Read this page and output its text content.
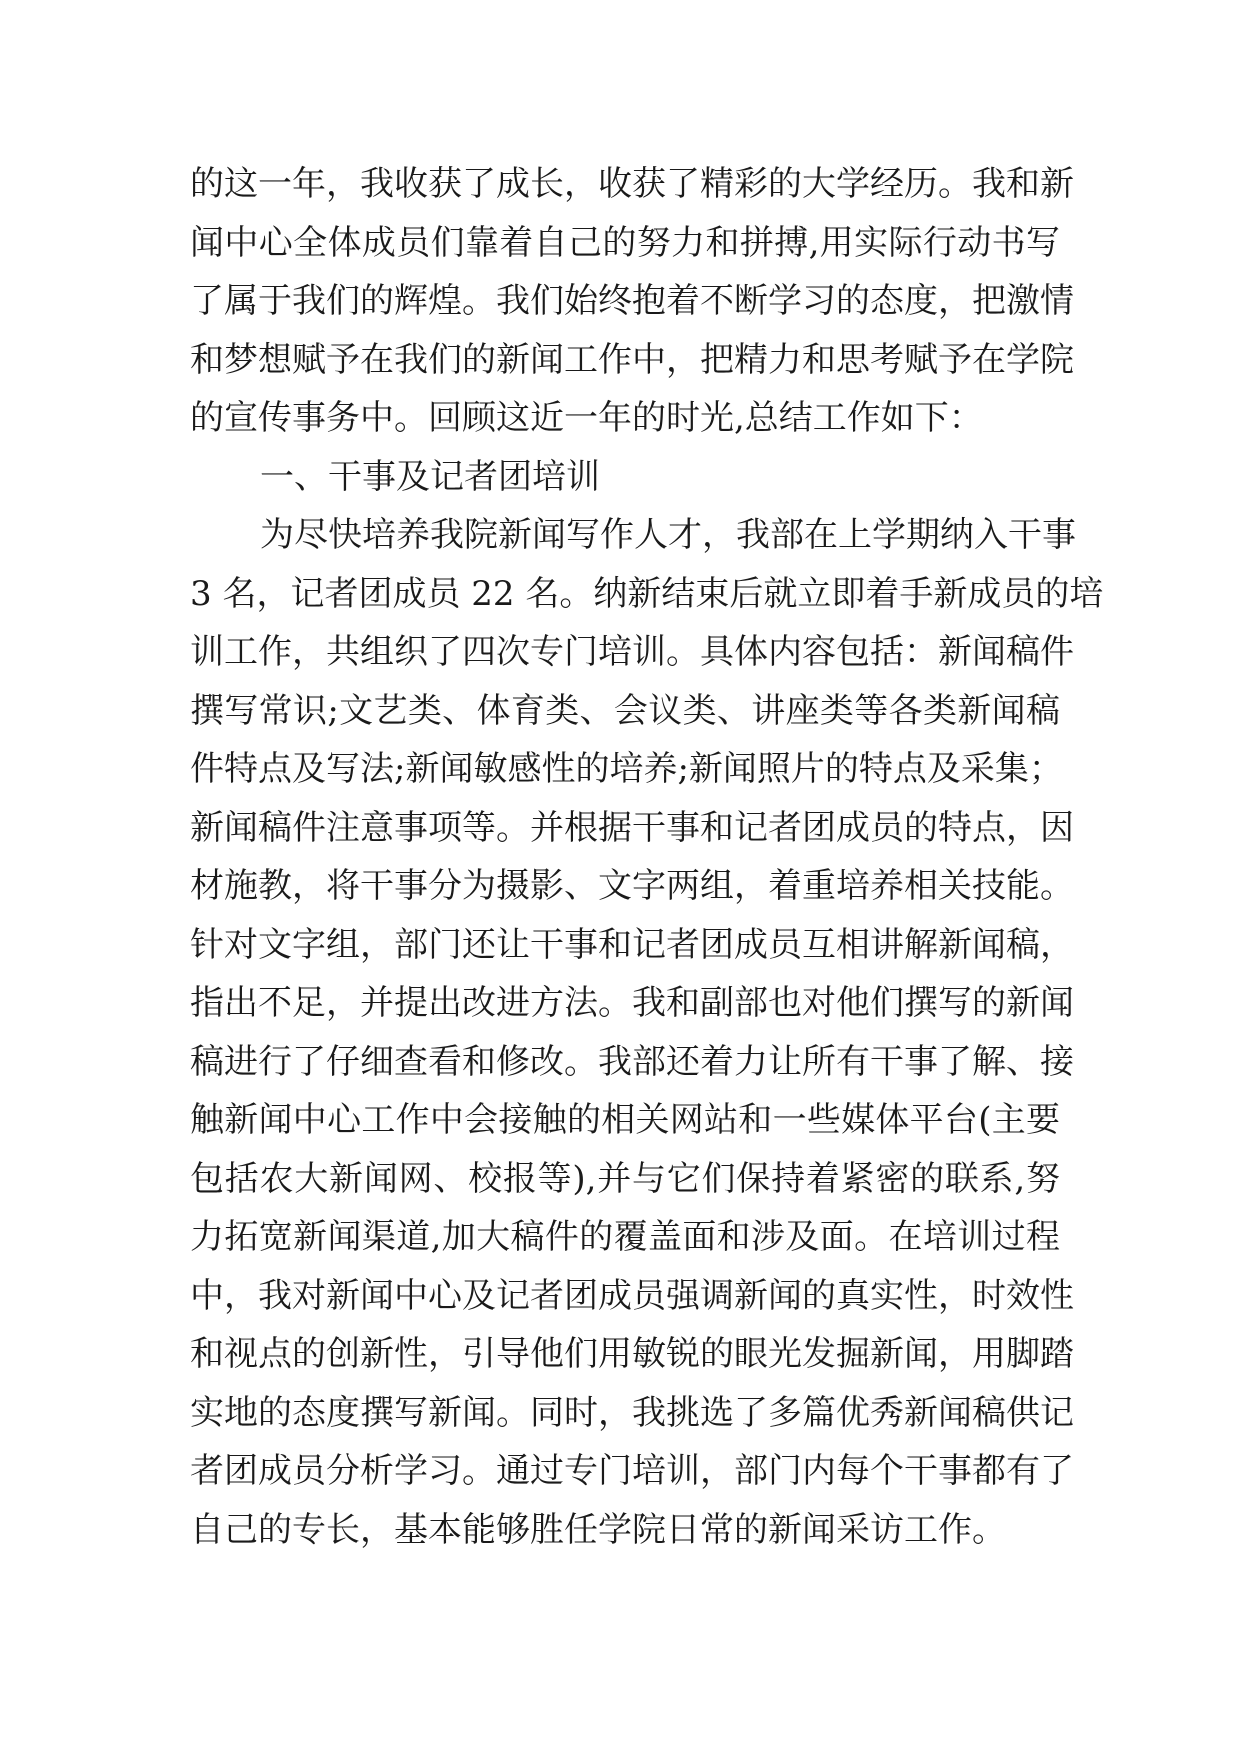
的这一年，我收获了成长，收获了精彩的大学经历。我和新
闻中心全体成员们靠着自己的努力和拼搏,用实际行动书写
了属于我们的辉煌。我们始终抱着不断学习的态度，把激情
和梦想赋予在我们的新闻工作中，把精力和思考赋予在学院
的宣传事务中。回顾这近一年的时光,总结工作如下：
一、干事及记者团培训
为尽快培养我院新闻写作人才，我部在上学期纳入干事
3 名，记者团成员 22 名。纳新结束后就立即着手新成员的培
训工作，共组织了四次专门培训。具体内容包括：新闻稿件
撰写常识;文艺类、体育类、会议类、讲座类等各类新闻稿
件特点及写法;新闻敏感性的培养;新闻照片的特点及采集；
新闻稿件注意事项等。并根据干事和记者团成员的特点，因
材施教，将干事分为摄影、文字两组，着重培养相关技能。
针对文字组，部门还让干事和记者团成员互相讲解新闻稿，
指出不足，并提出改进方法。我和副部也对他们撰写的新闻
稿进行了仔细查看和修改。我部还着力让所有干事了解、接
触新闻中心工作中会接触的相关网站和一些媒体平台(主要
包括农大新闻网、校报等),并与它们保持着紧密的联系,努
力拓宽新闻渠道,加大稿件的覆盖面和涉及面。在培训过程
中，我对新闻中心及记者团成员强调新闻的真实性，时效性
和视点的创新性，引导他们用敏锐的眼光发掘新闻，用脚踏
实地的态度撰写新闻。同时，我挑选了多篇优秀新闻稿供记
者团成员分析学习。通过专门培训，部门内每个干事都有了
自己的专长，基本能够胜任学院日常的新闻采访工作。
